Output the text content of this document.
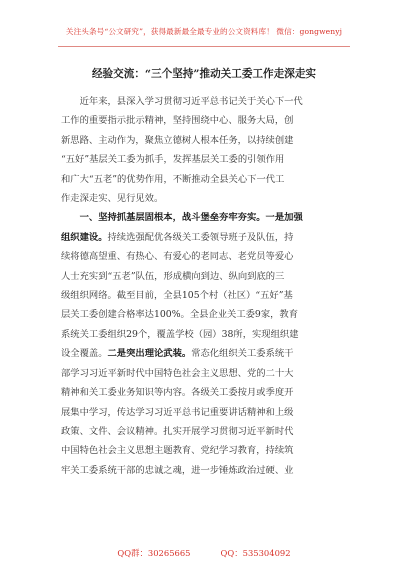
关注头条号“公文研究”，获得最新最全最专业的公文资料库！ 微信：gongwenyj
经验交流：“三个坚持”推动关工委工作走深走实

近年来，县深入学习贯彻习近平总书记关于关心下一代
工作的重要指示批示精神，坚持围绕中心、服务大局，创
新思路、主动作为，聚焦立德树人根本任务，以持续创建
“五好”基层关工委为抓手，发挥基层关工委的引领作用
和广大“五老”的优势作用，不断推动全县关心下一代工
作走深走实、见行见效。

一、坚持抓基层固根本，战斗堡垒夯牢夯实。一是加强
组织建设。持续选强配优各级关工委领导班子及队伍，持
续将德高望重、有热心、有爱心的老同志、老党员等爱心
人士充实到“五老”队伍，形成横向到边、纵向到底的三
级组织网络。截至目前，全县105个村（社区）“五好”基
层关工委创建合格率达100%。全县企业关工委9家，教育
系统关工委组织29个，覆盖学校（园）38所，实现组织建
设全覆盖。二是突出理论武装。常态化组织关工委系统干
部学习习近平新时代中国特色社会主义思想、党的二十大
精神和关工委业务知识等内容。各级关工委按月或季度开
展集中学习，传达学习习近平总书记重要讲话精神和上级
政策、文件、会议精神。扎实开展学习贯彻习近平新时代
中国特色社会主义思想主题教育、党纪学习教育，持续筑
牢关工委系统干部的忠诚之魂，进一步锤炼政治过硬、业

QQ群：30265665	QQ：535304092
